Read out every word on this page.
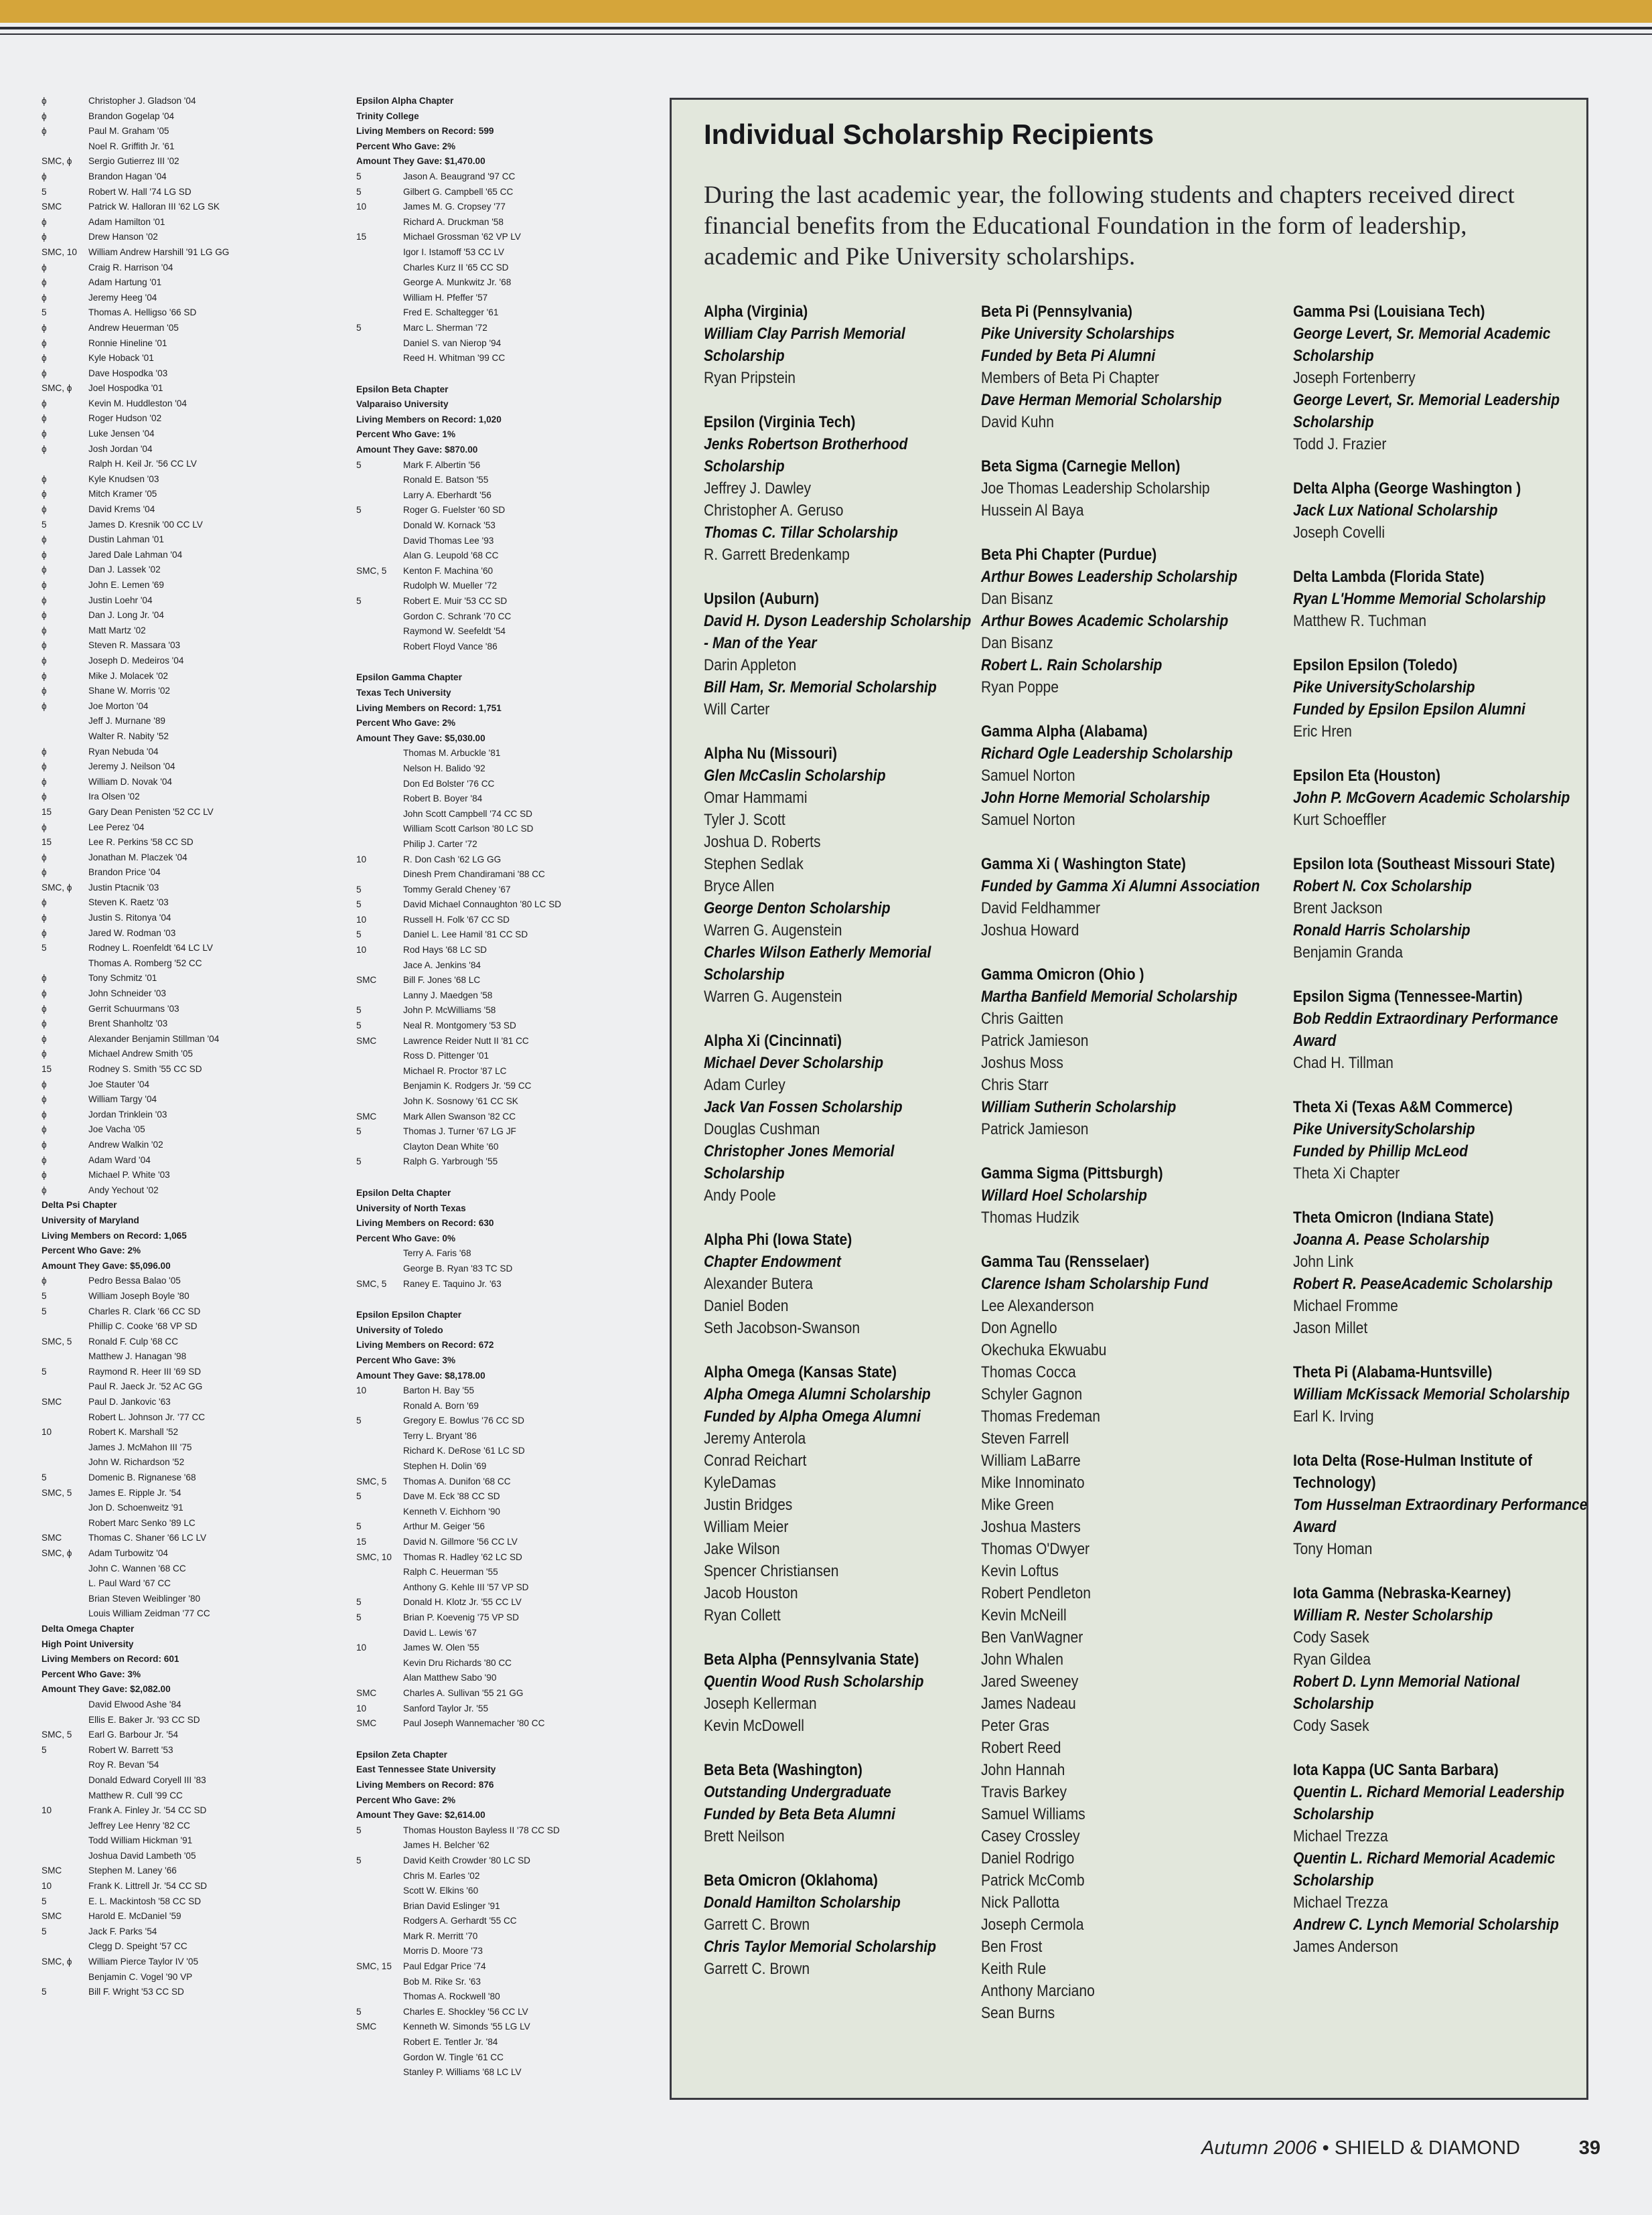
ϕ	Christopher J. Gladson '04
ϕ	Brandon Gogelap '04
ϕ	Paul M. Graham '05
Noel R. Griffith Jr. '61
SMC, ϕ	Sergio Gutierrez III '02
ϕ	Brandon Hagan '04
5	Robert W. Hall '74 LG SD
SMC	Patrick W. Halloran III '62 LG SK
ϕ	Adam Hamilton '01
ϕ	Drew Hanson '02
SMC, 10	William Andrew Harshill '91 LG GG
ϕ	Craig R. Harrison '04
ϕ	Adam Hartung '01
ϕ	Jeremy Heeg '04
5	Thomas A. Helligso '66 SD
ϕ	Andrew Heuerman '05
ϕ	Ronnie Hineline '01
ϕ	Kyle Hoback '01
ϕ	Dave Hospodka '03
SMC, ϕ	Joel Hospodka '01
ϕ	Kevin M. Huddleston '04
ϕ	Roger Hudson '02
ϕ	Luke Jensen '04
ϕ	Josh Jordan '04
Ralph H. Keil Jr. '56 CC LV
ϕ	Kyle Knudsen '03
ϕ	Mitch Kramer '05
ϕ	David Krems '04
5	James D. Kresnik '00 CC LV
ϕ	Dustin Lahman '01
ϕ	Jared Dale Lahman '04
ϕ	Dan J. Lassek '02
ϕ	John E. Lemen '69
ϕ	Justin Loehr '04
ϕ	Dan J. Long Jr. '04
ϕ	Matt Martz '02
ϕ	Steven R. Massara '03
ϕ	Joseph D. Medeiros '04
ϕ	Mike J. Molacek '02
ϕ	Shane W. Morris '02
ϕ	Joe Morton '04
Jeff J. Murnane '89
Walter R. Nabity '52
ϕ	Ryan Nebuda '04
ϕ	Jeremy J. Neilson '04
ϕ	William D. Novak '04
ϕ	Ira Olsen '02
15	Gary Dean Penisten '52 CC LV
ϕ	Lee Perez '04
15	Lee R. Perkins '58 CC SD
ϕ	Jonathan M. Placzek '04
ϕ	Brandon Price '04
SMC, ϕ	Justin Ptacnik '03
ϕ	Steven K. Raetz '03
ϕ	Justin S. Ritonya '04
ϕ	Jared W. Rodman '03
5	Rodney L. Roenfeldt '64 LC LV
Thomas A. Romberg '52 CC
ϕ	Tony Schmitz '01
ϕ	John Schneider '03
ϕ	Gerrit Schuurmans '03
ϕ	Brent Shanholtz '03
ϕ	Alexander Benjamin Stillman '04
ϕ	Michael Andrew Smith '05
15	Rodney S. Smith '55 CC SD
ϕ	Joe Stauter '04
ϕ	William Targy '04
ϕ	Jordan Trinklein '03
ϕ	Joe Vacha '05
ϕ	Andrew Walkin '02
ϕ	Adam Ward '04
ϕ	Michael P. White '03
ϕ	Andy Yechout '02
Delta Psi Chapter
University of Maryland
Living Members on Record: 1,065
Percent Who Gave: 2%
Amount They Gave: $5,096.00
ϕ	Pedro Bessa Balao '05
5	William Joseph Boyle '80
5	Charles R. Clark '66 CC SD
Phillip C. Cooke '68 VP SD
SMC, 5	Ronald F. Culp '68 CC
Matthew J. Hanagan '98
5	Raymond R. Heer III '69 SD
Paul R. Jaeck Jr. '52 AC GG
SMC	Paul D. Jankovic '63
Robert L. Johnson Jr. '77 CC
10	Robert K. Marshall '52
James J. McMahon III '75
John W. Richardson '52
5	Domenic B. Rignanese '68
SMC, 5	James E. Ripple Jr. '54
Jon D. Schoenweitz '91
Robert Marc Senko '89 LC
SMC	Thomas C. Shaner '66 LC LV
SMC, ϕ	Adam Turbowitz '04
John C. Wannen '68 CC
L. Paul Ward '67 CC
Brian Steven Weiblinger '80
Louis William Zeidman '77 CC
Delta Omega Chapter
High Point University
Living Members on Record: 601
Percent Who Gave: 3%
Amount They Gave: $2,082.00
David Elwood Ashe '84
Ellis E. Baker Jr. '93 CC SD
SMC, 5	Earl G. Barbour Jr. '54
5	Robert W. Barrett '53
Roy R. Bevan '54
Donald Edward Coryell III '83
Matthew R. Cull '99 CC
10	Frank A. Finley Jr. '54 CC SD
Jeffrey Lee Henry '82 CC
Todd William Hickman '91
Joshua David Lambeth '05
SMC	Stephen M. Laney '66
10	Frank K. Littrell Jr. '54 CC SD
5	E. L. Mackintosh '58 CC SD
SMC	Harold E. McDaniel '59
5	Jack F. Parks '54
Clegg D. Speight '57 CC
SMC, ϕ	William Pierce Taylor IV '05
Benjamin C. Vogel '90 VP
5	Bill F. Wright '53 CC SD
Epsilon Alpha Chapter
Trinity College
Living Members on Record: 599
Percent Who Gave: 2%
Amount They Gave: $1,470.00
5	Jason A. Beaugrand '97 CC
5	Gilbert G. Campbell '65 CC
10	James M. G. Cropsey '77
Richard A. Druckman '58
15	Michael Grossman '62 VP LV
Igor I. Istamoff '53 CC LV
Charles Kurz II '65 CC SD
George A. Munkwitz Jr. '68
William H. Pfeffer '57
Fred E. Schaltegger '61
5	Marc L. Sherman '72
Daniel S. van Nierop '94
Reed H. Whitman '99 CC
Epsilon Beta Chapter
Valparaiso University
Living Members on Record: 1,020
Percent Who Gave: 1%
Amount They Gave: $870.00
5	Mark F. Albertin '56
Ronald E. Batson '55
Larry A. Eberhardt '56
5	Roger G. Fuelster '60 SD
Donald W. Kornack '53
David Thomas Lee '93
Alan G. Leupold '68 CC
SMC, 5	Kenton F. Machina '60
Rudolph W. Mueller '72
5	Robert E. Muir '53 CC SD
Gordon C. Schrank '70 CC
Raymond W. Seefeldt '54
Robert Floyd Vance '86
Epsilon Gamma Chapter
Texas Tech University
Living Members on Record: 1,751
Percent Who Gave: 2%
Amount They Gave: $5,030.00
Thomas M. Arbuckle '81
Nelson H. Balido '92
Don Ed Bolster '76 CC
Robert B. Boyer '84
John Scott Campbell '74 CC SD
William Scott Carlson '80 LC SD
Philip J. Carter '72
10	R. Don Cash '62 LG GG
Dinesh Prem Chandiramani '88 CC
5	Tommy Gerald Cheney '67
5	David Michael Connaughton '80 LC SD
10	Russell H. Folk '67 CC SD
5	Daniel L. Lee Hamil '81 CC SD
10	Rod Hays '68 LC SD
Jace A. Jenkins '84
SMC	Bill F. Jones '68 LC
Lanny J. Maedgen '58
5	John P. McWilliams '58
5	Neal R. Montgomery '53 SD
SMC	Lawrence Reider Nutt II '81 CC
Ross D. Pittenger '01
Michael R. Proctor '87 LC
Benjamin K. Rodgers Jr. '59 CC
John K. Sosnowy '61 CC SK
SMC	Mark Allen Swanson '82 CC
5	Thomas J. Turner '67 LG JF
Clayton Dean White '60
5	Ralph G. Yarbrough '55
Epsilon Delta Chapter
University of North Texas
Living Members on Record: 630
Percent Who Gave: 0%
Terry A. Faris '68
George B. Ryan '83 TC SD
SMC, 5	Raney E. Taquino Jr. '63
Epsilon Epsilon Chapter
University of Toledo
Living Members on Record: 672
Percent Who Gave: 3%
Amount They Gave: $8,178.00
10	Barton H. Bay '55
Ronald A. Born '69
5	Gregory E. Bowlus '76 CC SD
Terry L. Bryant '86
Richard K. DeRose '61 LC SD
Stephen H. Dolin '69
SMC, 5	Thomas A. Dunifon '68 CC
5	Dave M. Eck '88 CC SD
Kenneth V. Eichhorn '90
5	Arthur M. Geiger '56
15	David N. Gillmore '56 CC LV
SMC, 10	Thomas R. Hadley '62 LC SD
Ralph C. Heuerman '55
Anthony G. Kehle III '57 VP SD
5	Donald H. Klotz Jr. '55 CC LV
5	Brian P. Koevenig '75 VP SD
David L. Lewis '67
10	James W. Olen '55
Kevin Dru Richards '80 CC
Alan Matthew Sabo '90
SMC	Charles A. Sullivan '55 21 GG
10	Sanford Taylor Jr. '55
SMC	Paul Joseph Wannemacher '80 CC
Epsilon Zeta Chapter
East Tennessee State University
Living Members on Record: 876
Percent Who Gave: 2%
Amount They Gave: $2,614.00
5	Thomas Houston Bayless II '78 CC SD
James H. Belcher '62
5	David Keith Crowder '80 LC SD
Chris M. Earles '02
Scott W. Elkins '60
Brian David Eslinger '91
Rodgers A. Gerhardt '55 CC
Mark R. Merritt '70
Morris D. Moore '73
SMC, 15	Paul Edgar Price '74
Bob M. Rike Sr. '63
Thomas A. Rockwell '80
5	Charles E. Shockley '56 CC LV
SMC	Kenneth W. Simonds '55 LG LV
Robert E. Tentler Jr. '84
Gordon W. Tingle '61 CC
Stanley P. Williams '68 LC LV
Individual Scholarship Recipients
During the last academic year, the following students and chapters received direct financial benefits from the Educational Foundation in the form of leadership, academic and Pike University scholarships.
Alpha (Virginia)
William Clay Parrish Memorial
Scholarship
Ryan Pripstein
Epsilon (Virginia Tech)
Jenks Robertson Brotherhood
Scholarship
Jeffrey J. Dawley
Christopher A. Geruso
Thomas C. Tillar Scholarship
R. Garrett Bredenkamp
Upsilon (Auburn)
David H. Dyson Leadership Scholarship
- Man of the Year
Darin Appleton
Bill Ham, Sr. Memorial Scholarship
Will Carter
Alpha Nu (Missouri)
Glen McCaslin Scholarship
Omar Hammami
Tyler J. Scott
Joshua D. Roberts
Stephen Sedlak
Bryce Allen
George Denton Scholarship
Warren G. Augenstein
Charles Wilson Eatherly Memorial
Scholarship
Warren G. Augenstein
Alpha Xi (Cincinnati)
Michael Dever Scholarship
Adam Curley
Jack Van Fossen Scholarship
Douglas Cushman
Christopher Jones Memorial
Scholarship
Andy Poole
Alpha Phi (Iowa State)
Chapter Endowment
Alexander Butera
Daniel Boden
Seth Jacobson-Swanson
Alpha Omega (Kansas State)
Alpha Omega Alumni Scholarship
Funded by Alpha Omega Alumni
Jeremy Anterola
Conrad Reichart
KyleDamas
Justin Bridges
William Meier
Jake Wilson
Spencer Christiansen
Jacob Houston
Ryan Collett
Beta Alpha (Pennsylvania State)
Quentin Wood Rush Scholarship
Joseph Kellerman
Kevin McDowell
Beta Beta (Washington)
Outstanding Undergraduate
Funded by Beta Beta Alumni
Brett Neilson
Beta Omicron (Oklahoma)
Donald Hamilton Scholarship
Garrett C. Brown
Chris Taylor Memorial Scholarship
Garrett C. Brown
Beta Pi (Pennsylvania)
Pike University Scholarships
Funded by Beta Pi Alumni
Members of Beta Pi Chapter
Dave Herman Memorial Scholarship
David Kuhn
Beta Sigma (Carnegie Mellon)
Joe Thomas Leadership Scholarship
Hussein Al Baya
Beta Phi Chapter (Purdue)
Arthur Bowes Leadership Scholarship
Dan Bisanz
Arthur Bowes Academic Scholarship
Dan Bisanz
Robert L. Rain Scholarship
Ryan Poppe
Gamma Alpha (Alabama)
Richard Ogle Leadership Scholarship
Samuel Norton
John Horne Memorial Scholarship
Samuel Norton
Gamma Xi ( Washington State)
Funded by Gamma Xi Alumni Association
David Feldhammer
Joshua Howard
Gamma Omicron (Ohio )
Martha Banfield Memorial Scholarship
Chris Gaitten
Patrick Jamieson
Joshus Moss
Chris Starr
William Sutherin Scholarship
Patrick Jamieson
Gamma Sigma (Pittsburgh)
Willard Hoel Scholarship
Thomas Hudzik
Gamma Tau (Rensselaer)
Clarence Isham Scholarship Fund
Lee Alexanderson
Don Agnello
Okechuka Ekwuabu
Thomas Cocca
Schyler Gagnon
Thomas Fredeman
Steven Farrell
William LaBarre
Mike Innominato
Mike Green
Joshua Masters
Thomas O'Dwyer
Kevin Loftus
Robert Pendleton
Kevin McNeill
Ben VanWagner
John Whalen
Jared Sweeney
James Nadeau
Peter Gras
Robert Reed
John Hannah
Travis Barkey
Samuel Williams
Casey Crossley
Daniel Rodrigo
Patrick McComb
Nick Pallotta
Joseph Cermola
Ben Frost
Keith Rule
Anthony Marciano
Sean Burns
Gamma Psi (Louisiana Tech)
George Levert, Sr. Memorial Academic
Scholarship
Joseph Fortenberry
George Levert, Sr. Memorial Leadership
Scholarship
Todd J. Frazier
Delta Alpha (George Washington )
Jack Lux National Scholarship
Joseph Covelli
Delta Lambda (Florida State)
Ryan L'Homme Memorial Scholarship
Matthew R. Tuchman
Epsilon Epsilon (Toledo)
Pike UniversityScholarship
Funded by Epsilon Epsilon Alumni
Eric Hren
Epsilon Eta (Houston)
John P. McGovern Academic Scholarship
Kurt Schoeffler
Epsilon Iota (Southeast Missouri State)
Robert N. Cox Scholarship
Brent Jackson
Ronald Harris Scholarship
Benjamin Granda
Epsilon Sigma (Tennessee-Martin)
Bob Reddin Extraordinary Performance
Award
Chad H. Tillman
Theta Xi (Texas A&M Commerce)
Pike UniversityScholarship
Funded by Phillip McLeod
Theta Xi Chapter
Theta Omicron (Indiana State)
Joanna A. Pease Scholarship
John Link
Robert R. PeaseAcademic Scholarship
Michael Fromme
Jason Millet
Theta Pi (Alabama-Huntsville)
William McKissack Memorial Scholarship
Earl K. Irving
Iota Delta (Rose-Hulman Institute of
Technology)
Tom Husselman Extraordinary Performance
Award
Tony Homan
Iota Gamma (Nebraska-Kearney)
William R. Nester Scholarship
Cody Sasek
Ryan Gildea
Robert D. Lynn Memorial National
Scholarship
Cody Sasek
Iota Kappa (UC Santa Barbara)
Quentin L. Richard Memorial Leadership
Scholarship
Michael Trezza
Quentin L. Richard Memorial Academic
Scholarship
Michael Trezza
Andrew C. Lynch Memorial Scholarship
James Anderson
Autumn 2006 • SHIELD & DIAMOND	39
